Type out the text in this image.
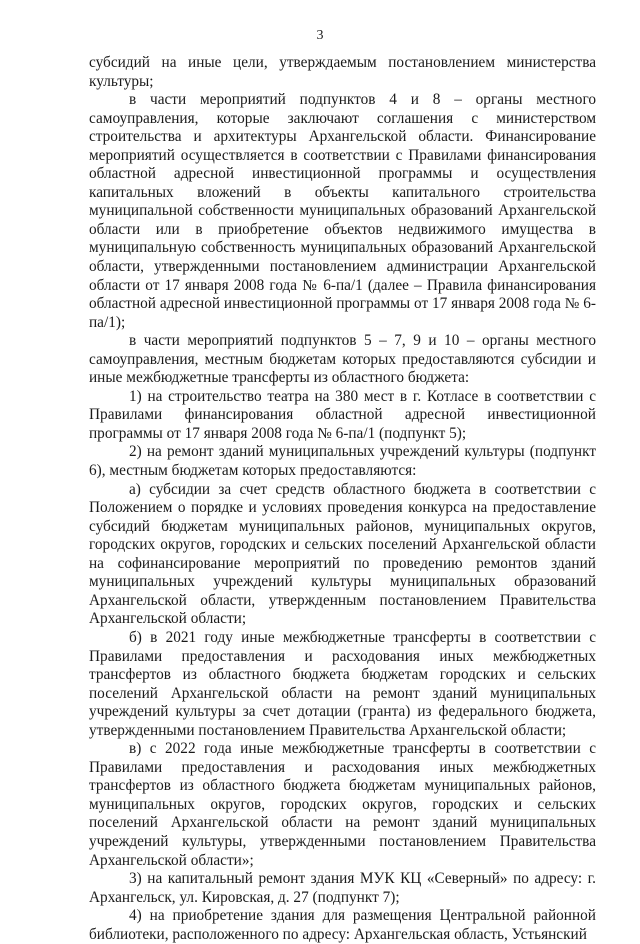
3

субсидий на иные цели, утверждаемым постановлением министерства культуры;

в части мероприятий подпунктов 4 и 8 – органы местного самоуправления, которые заключают соглашения с министерством строительства и архитектуры Архангельской области. Финансирование мероприятий осуществляется в соответствии с Правилами финансирования областной адресной инвестиционной программы и осуществления капитальных вложений в объекты капитального строительства муниципальной собственности муниципальных образований Архангельской области или в приобретение объектов недвижимого имущества в муниципальную собственность муниципальных образований Архангельской области, утвержденными постановлением администрации Архангельской области от 17 января 2008 года № 6-па/1 (далее – Правила финансирования областной адресной инвестиционной программы от 17 января 2008 года № 6-па/1);

в части мероприятий подпунктов 5 – 7, 9 и 10 – органы местного самоуправления, местным бюджетам которых предоставляются субсидии и иные межбюджетные трансферты из областного бюджета:

1) на строительство театра на 380 мест в г. Котласе в соответствии с Правилами финансирования областной адресной инвестиционной программы от 17 января 2008 года № 6-па/1 (подпункт 5);

2) на ремонт зданий муниципальных учреждений культуры (подпункт 6), местным бюджетам которых предоставляются:

а) субсидии за счет средств областного бюджета в соответствии с Положением о порядке и условиях проведения конкурса на предоставление субсидий бюджетам муниципальных районов, муниципальных округов, городских округов, городских и сельских поселений Архангельской области на софинансирование мероприятий по проведению ремонтов зданий муниципальных учреждений культуры муниципальных образований Архангельской области, утвержденным постановлением Правительства Архангельской области;

б) в 2021 году иные межбюджетные трансферты в соответствии с Правилами предоставления и расходования иных межбюджетных трансфертов из областного бюджета бюджетам городских и сельских поселений Архангельской области на ремонт зданий муниципальных учреждений культуры за счет дотации (гранта) из федерального бюджета, утвержденными постановлением Правительства Архангельской области;

в) с 2022 года иные межбюджетные трансферты в соответствии с Правилами предоставления и расходования иных межбюджетных трансфертов из областного бюджета бюджетам муниципальных районов, муниципальных округов, городских округов, городских и сельских поселений Архангельской области на ремонт зданий муниципальных учреждений культуры, утвержденными постановлением Правительства Архангельской области»;

3) на капитальный ремонт здания МУК КЦ «Северный» по адресу: г. Архангельск, ул. Кировская, д. 27 (подпункт 7);

4) на приобретение здания для размещения Центральной районной библиотеки, расположенного по адресу: Архангельская область, Устьянский
